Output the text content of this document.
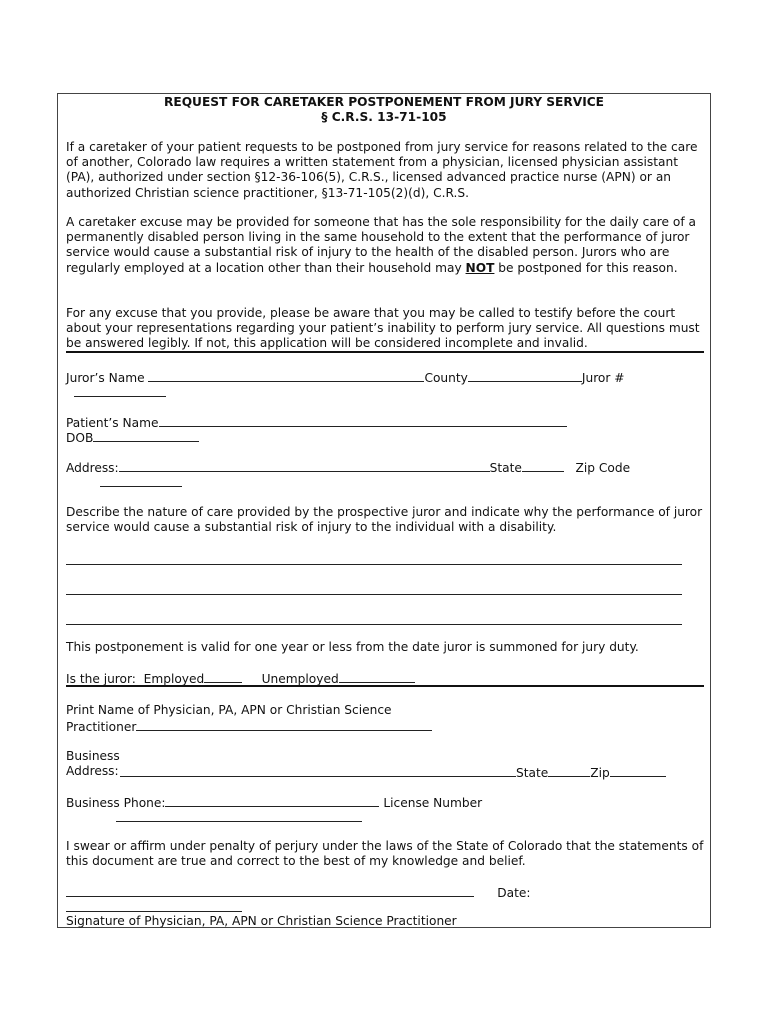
REQUEST FOR CARETAKER POSTPONEMENT FROM JURY SERVICE
§ C.R.S. 13-71-105
If a caretaker of your patient requests to be postponed from jury service for reasons related to the care of another, Colorado law requires a written statement from a physician, licensed physician assistant (PA), authorized under section §12-36-106(5), C.R.S., licensed advanced practice nurse (APN) or an authorized Christian science practitioner, §13-71-105(2)(d), C.R.S.
A caretaker excuse may be provided for someone that has the sole responsibility for the daily care of a permanently disabled person living in the same household to the extent that the performance of juror service would cause a substantial risk of injury to the health of the disabled person. Jurors who are regularly employed at a location other than their household may NOT be postponed for this reason.
For any excuse that you provide, please be aware that you may be called to testify before the court about your representations regarding your patient’s inability to perform jury service. All questions must be answered legibly. If not, this application will be considered incomplete and invalid.
Juror’s Name	County	Juror #
Patient’s Name
DOB
Address:	State	Zip Code
Describe the nature of care provided by the prospective juror and indicate why the performance of juror service would cause a substantial risk of injury to the individual with a disability.
This postponement is valid for one year or less from the date juror is summoned for jury duty.
Is the juror: Employed	Unemployed
Print Name of Physician, PA, APN or Christian Science Practitioner
Business Address:	State	Zip
Business Phone:	License Number
I swear or affirm under penalty of perjury under the laws of the State of Colorado that the statements of this document are true and correct to the best of my knowledge and belief.
Date:
Signature of Physician, PA, APN or Christian Science Practitioner
